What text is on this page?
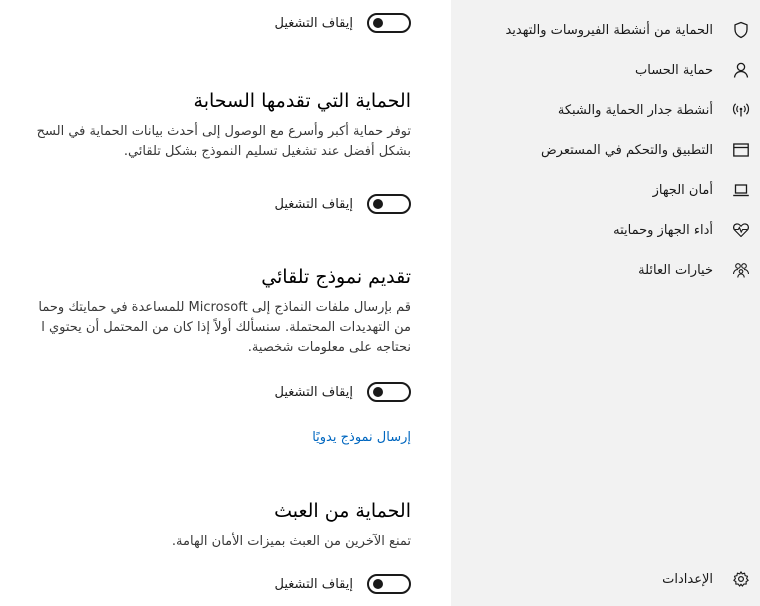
الحماية من أنشطة الفيروسات والتهديد
حماية الحساب
أنشطة جدار الحماية والشبكة
التطبيق والتحكم في المستعرض
أمان الجهاز
أداء الجهاز وحمايته
خيارات العائلة
الإعدادات
إيقاف التشغيل
الحماية التي تقدمها السحابة

توفر حماية أكبر وأسرع مع الوصول إلى أحدث بيانات الحماية في السح
بشكل أفضل عند تشغيل تسليم النموذج بشكل تلقائي.

إيقاف التشغيل
تقديم نموذج تلقائي

قم بإرسال ملفات النماذج إلى Microsoft للمساعدة في حمايتك وحما
من التهديدات المحتملة. سنسألك أولاً إذا كان من المحتمل أن يحتوي ا
نحتاجه على معلومات شخصية.

إيقاف التشغيل
إرسال نموذج يدويًا
الحماية من العبث

تمنع الآخرين من العبث بميزات الأمان الهامة.

إيقاف التشغيل
